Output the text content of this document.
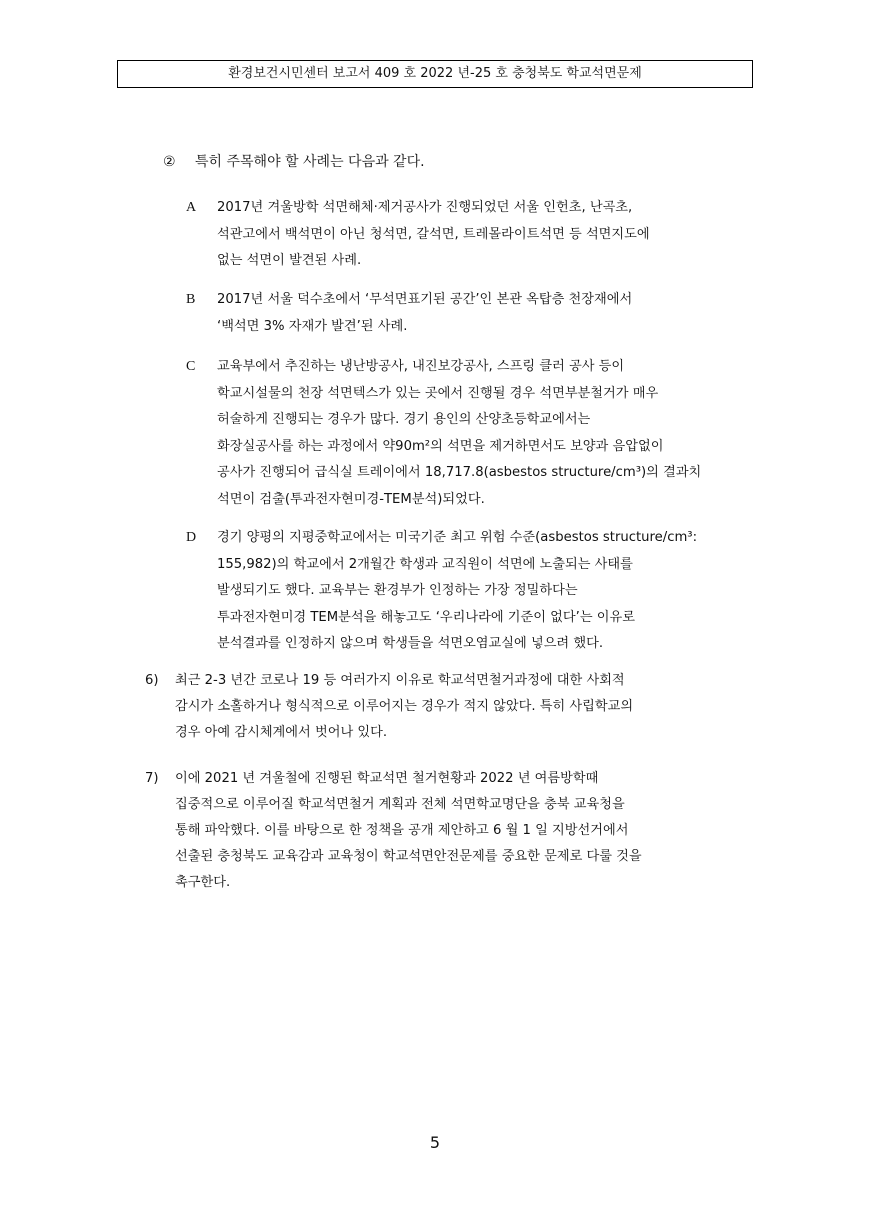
환경보건시민센터 보고서 409 호 2022 년-25 호 충청북도 학교석면문제
② 특히 주목해야 할 사례는 다음과 같다.
A 2017년 겨울방학 석면해체·제거공사가 진행되었던 서울 인헌초, 난곡초,
석관고에서 백석면이 아닌 청석면, 갈석면, 트레몰라이트석면 등 석면지도에
없는 석면이 발견된 사례.
B 2017년 서울 덕수초에서 ‘무석면표기된 공간’인 본관 옥탑층 천장재에서
‘백석면 3% 자재가 발견’된 사례.
C 교육부에서 추진하는 냉난방공사, 내진보강공사, 스프링 클러 공사 등이
학교시설물의 천장 석면텍스가 있는 곳에서 진행될 경우 석면부분철거가 매우
허술하게 진행되는 경우가 많다. 경기 용인의 산양초등학교에서는
화장실공사를 하는 과정에서 약90m²의 석면을 제거하면서도 보양과 음압없이
공사가 진행되어 급식실 트레이에서 18,717.8(asbestos structure/cm³)의 결과치
석면이 검출(투과전자현미경-TEM분석)되었다.
D 경기 양평의 지평중학교에서는 미국기준 최고 위험 수준(asbestos structure/cm³:
155,982)의 학교에서 2개월간 학생과 교직원이 석면에 노출되는 사태를
발생되기도 했다. 교육부는 환경부가 인정하는 가장 정밀하다는
투과전자현미경 TEM분석을 해놓고도 ‘우리나라에 기준이 없다’는 이유로
분석결과를 인정하지 않으며 학생들을 석면오염교실에 넣으려 했다.
6) 최근 2-3 년간 코로나 19 등 여러가지 이유로 학교석면철거과정에 대한 사회적
감시가 소홀하거나 형식적으로 이루어지는 경우가 적지 않았다. 특히 사립학교의
경우 아예 감시체계에서 벗어나 있다.
7) 이에 2021 년 겨울철에 진행된 학교석면 철거현황과 2022 년 여름방학때
집중적으로 이루어질 학교석면철거 계획과 전체 석면학교명단을 충북 교육청을
통해 파악했다. 이를 바탕으로 한 정책을 공개 제안하고 6 월 1 일 지방선거에서
선출된 충청북도 교육감과 교육청이 학교석면안전문제를 중요한 문제로 다룰 것을
촉구한다.
5
